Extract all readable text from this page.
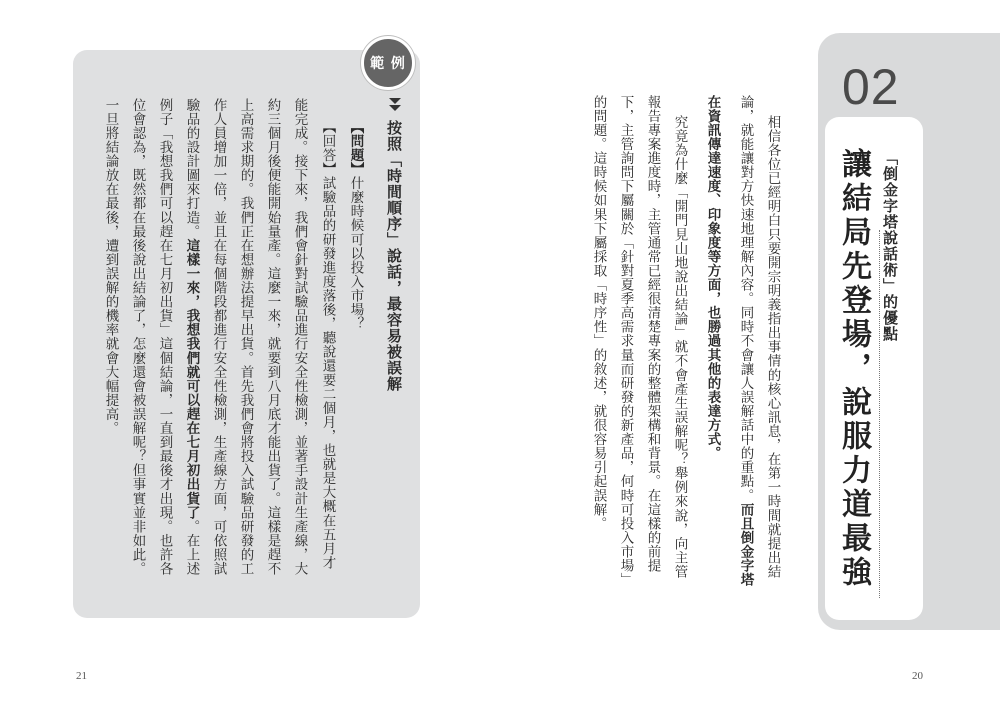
範 例
按照「時間順序」說話，最容易被誤解
【問題】什麼時候可以投入市場？
【回答】試驗品的研發進度落後，聽說還要二個月，也就是大概在五月才
能完成。接下來，我們會針對試驗品進行安全性檢測，並著手設計生產線，大
約三個月後便能開始量產。這麼一來，就要到八月底才能出貨了。這樣是趕不
上高需求期的。我們正在想辦法提早出貨。首先我們會將投入試驗品研發的工
作人員增加一倍，並且在每個階段都進行安全性檢測，生產線方面，可依照試
驗品的設計圖來打造。這樣一來，我想我們就可以趕在七月初出貨了。在上述
例子「我想我們可以趕在七月初出貨」這個結論，一直到最後才出現。也許各
位會認為，既然都在最後說出結論了，怎麼還會被誤解呢？但事實並非如此。
一旦將結論放在最後，遭到誤解的機率就會大幅提高。
21
相信各位已經明白只要開宗明義指出事情的核心訊息，在第一時間就提出結
論，就能讓對方快速地理解內容。同時不會讓人誤解話中的重點。而且倒金字塔
在資訊傳達速度、印象度等方面，也勝過其他的表達方式。
究竟為什麼「開門見山地說出結論」就不會產生誤解呢？舉例來說，向主管
報告專案進度時，主管通常已經很清楚專案的整體架構和背景。在這樣的前提
下，主管詢問下屬關於「針對夏季高需求量而研發的新產品，何時可投入市場」
的問題。這時候如果下屬採取「時序性」的敘述，就很容易引起誤解。
02
「倒金字塔說話術」的優點
讓結局先登場，說服力道最強
20
